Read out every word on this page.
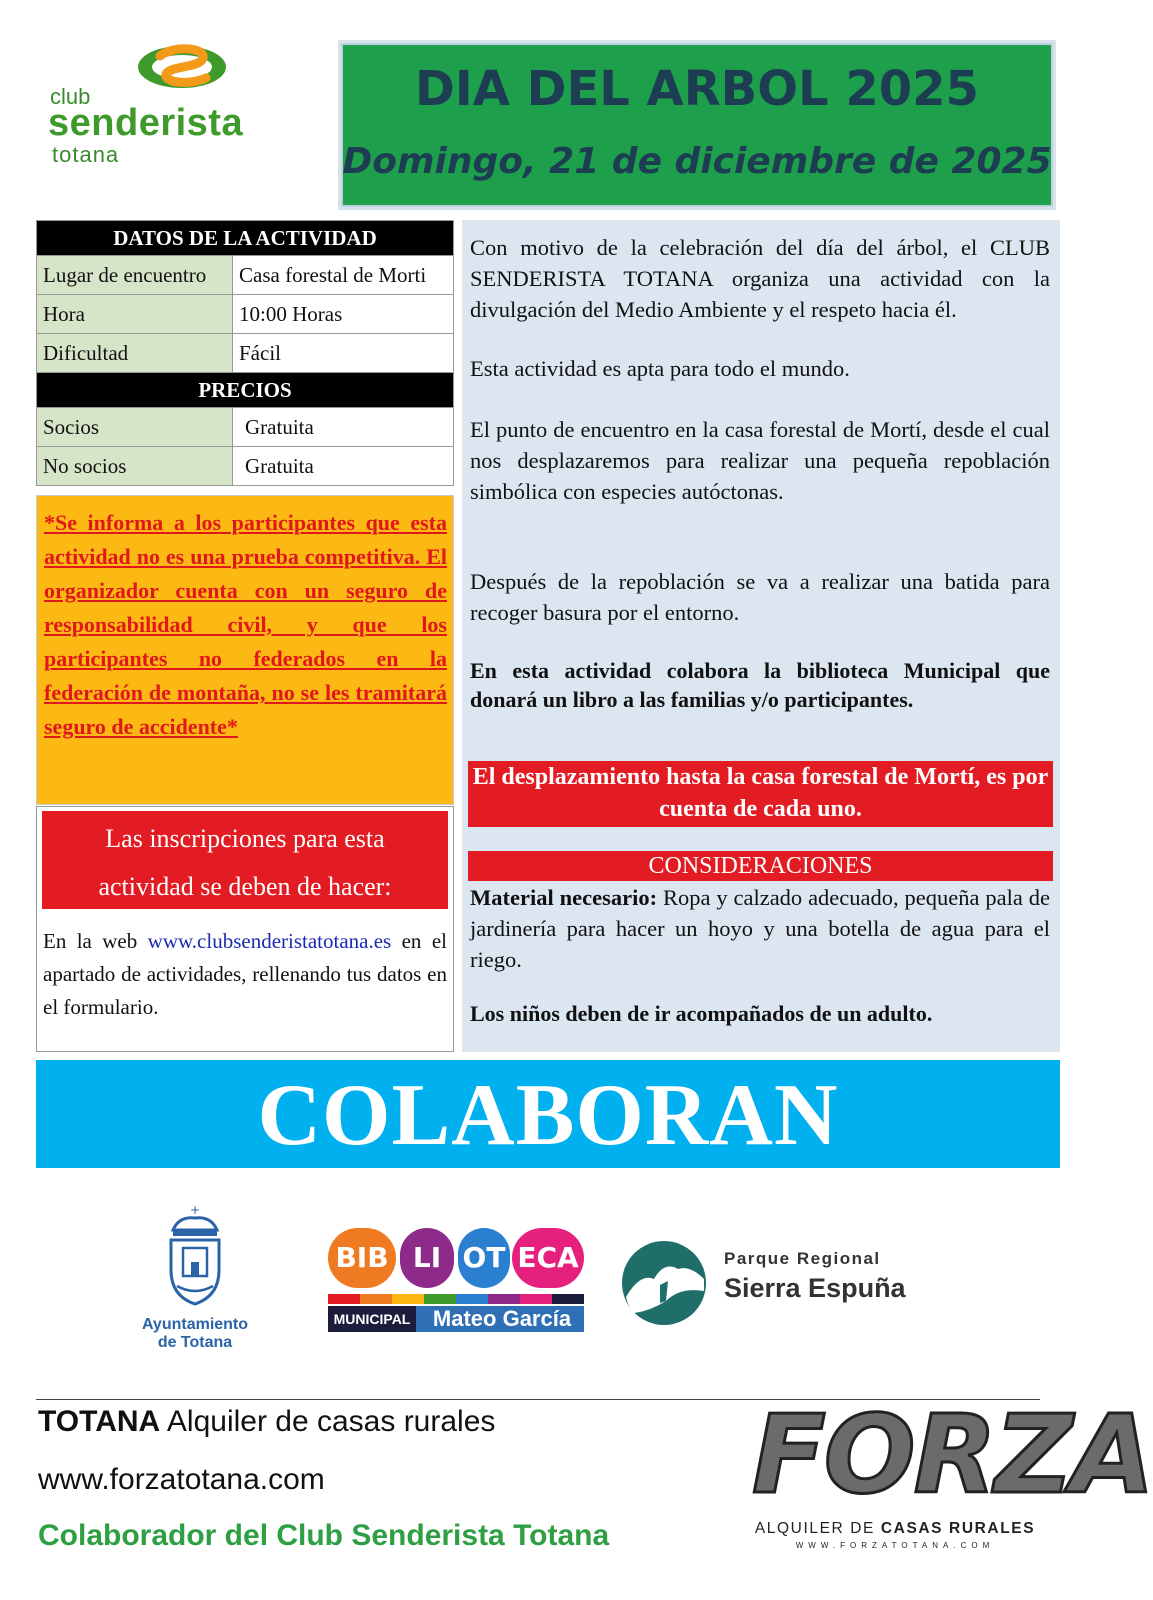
club
senderista
totana
DIA DEL ARBOL 2025
Domingo, 21 de diciembre de 2025
DATOS DE LA ACTIVIDAD	
Lugar de encuentro	Casa forestal de Morti
Hora	10:00 Horas
Dificultad	Fácil
PRECIOS	
Socios	Gratuita
No socios	Gratuita

*Se informa a los participantes que esta actividad no es una prueba competitiva. El organizador cuenta con un seguro de responsabilidad civil, y que los participantes no federados en la federación de montaña, no se les tramitará seguro de accidente*

Las inscripciones para esta
actividad se deben de hacer:

En la web www.clubsenderistatotana.es en el apartado de actividades, rellenando tus datos en el formulario.

Con motivo de la celebración del día del árbol, el CLUB SENDERISTA TOTANA organiza una actividad con la divulgación del Medio Ambiente y el respeto hacia él.

Esta actividad es apta para todo el mundo.

El punto de encuentro en la casa forestal de Mortí, desde el cual nos desplazaremos para realizar una pequeña repoblación simbólica con especies autóctonas.

Después de la repoblación se va a realizar una batida para recoger basura por el entorno.

En esta actividad colabora la biblioteca Municipal que donará un libro a las familias y/o participantes.

El desplazamiento hasta la casa forestal de Mortí, es por cuenta de cada uno.
CONSIDERACIONES

Material necesario: Ropa y calzado adecuado, pequeña pala de jardinería para hacer un hoyo y una botella de agua para el riego.

Los niños deben de ir acompañados de un adulto.

COLABORAN
+
Ayuntamiento
de Totana
BIB LI OT ECA
MUNICIPAL	Mateo García
Parque Regional
Sierra Espuña
TOTANA Alquiler de casas rurales
www.forzatotana.com
Colaborador del Club Senderista Totana
FORZA
ALQUILER DE CASAS RURALES
WWW.FORZATOTANA.COM
